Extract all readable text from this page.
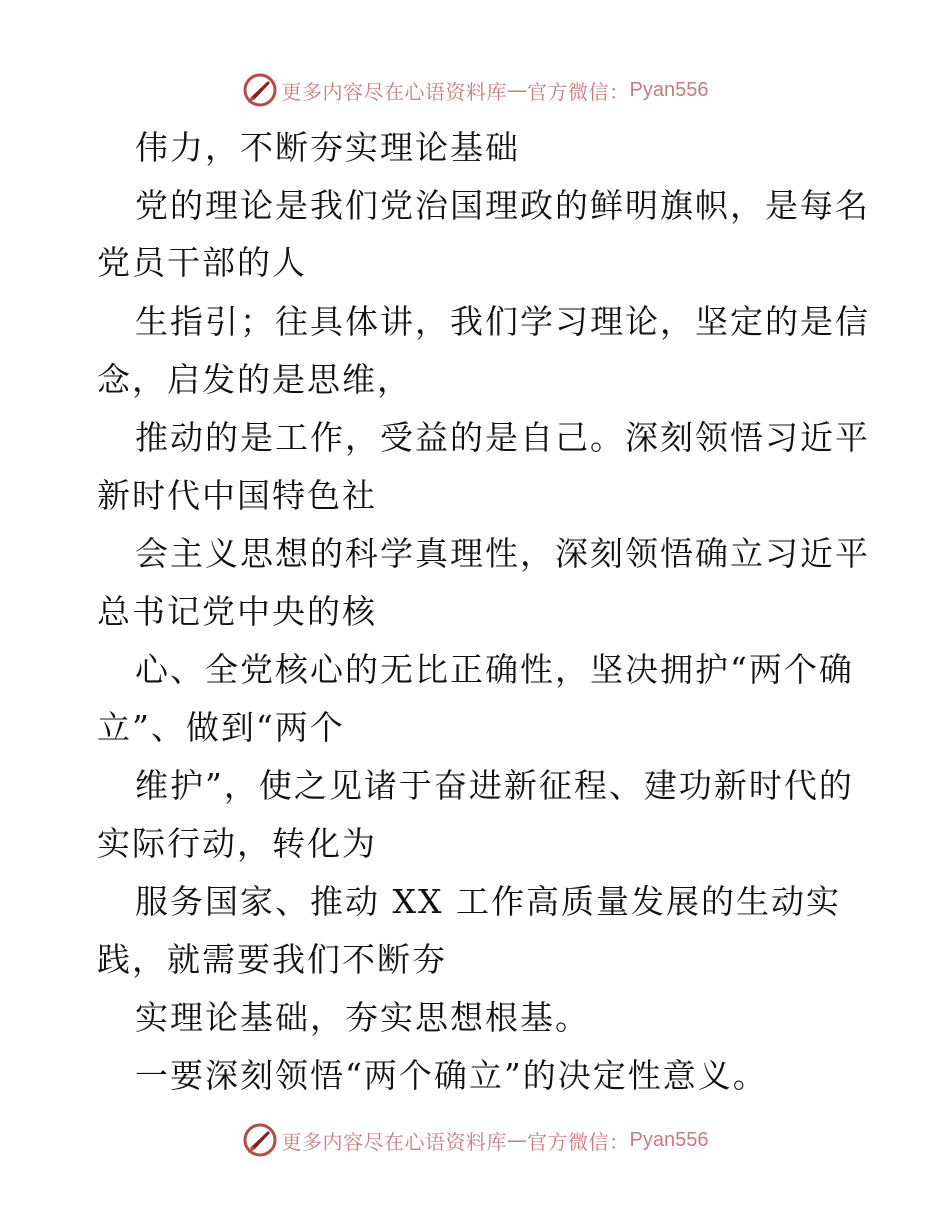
更多内容尽在心语资料库 — 官方微信： Pyan556
伟力，不断夯实理论基础
党的理论是我们党治国理政的鲜明旗帜，是每名
党员干部的人
生指引；往具体讲，我们学习理论，坚定的是信
念，启发的是思维，
推动的是工作，受益的是自己。深刻领悟习近平
新时代中国特色社
会主义思想的科学真理性，深刻领悟确立习近平
总书记党中央的核
心、全党核心的无比正确性，坚决拥护“两个确
立”、做到“两个
维护”，使之见诸于奋进新征程、建功新时代的
实际行动，转化为
服务国家、推动 XX 工作高质量发展的生动实
践，就需要我们不断夯
实理论基础，夯实思想根基。
一要深刻领悟“两个确立”的决定性意义。
更多内容尽在心语资料库 — 官方微信： Pyan556
